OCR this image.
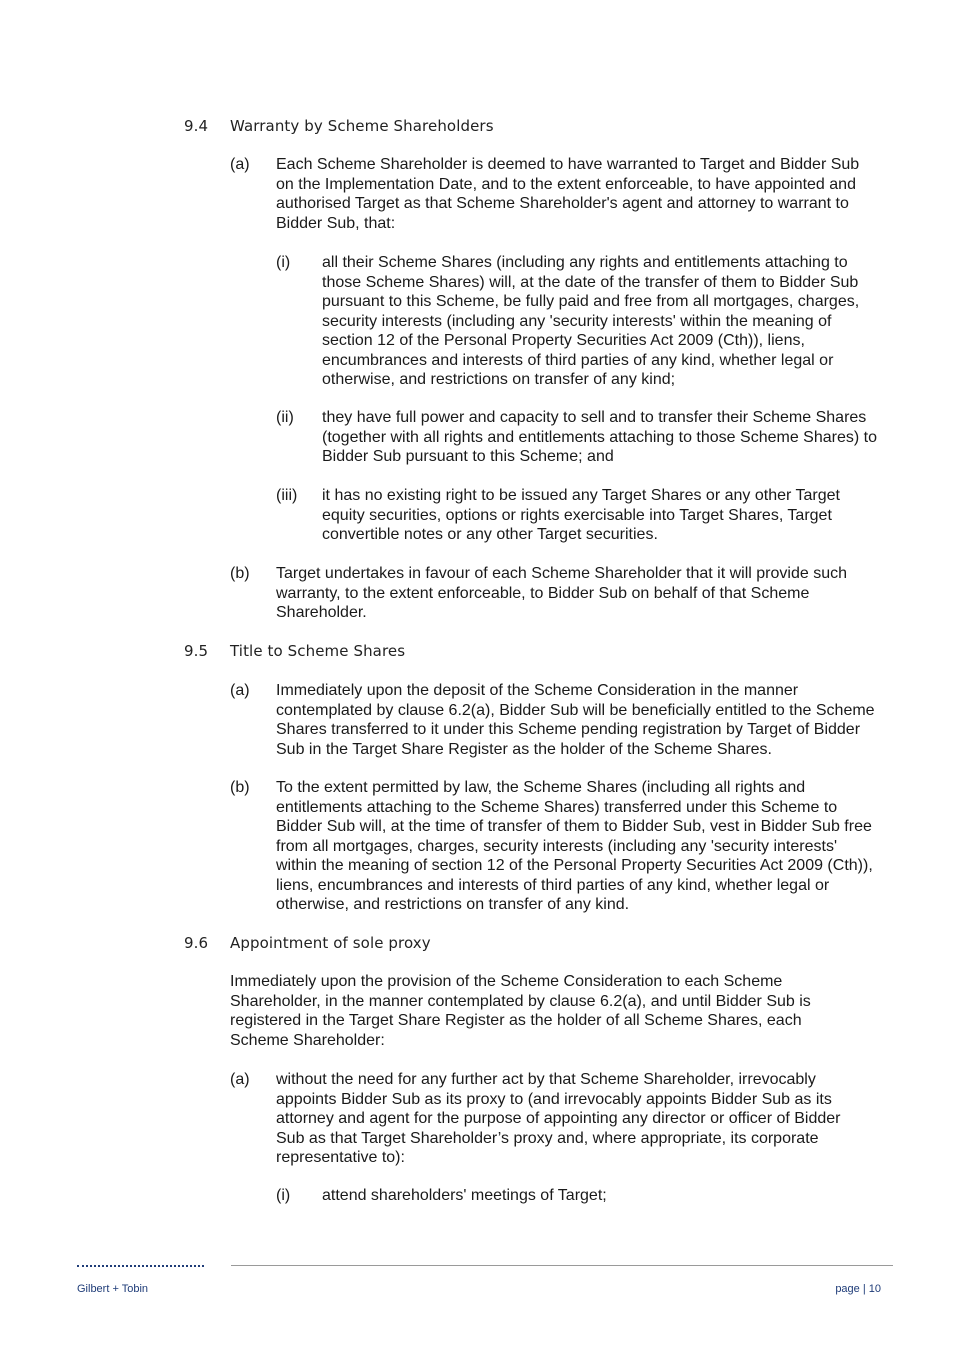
9.4 Warranty by Scheme Shareholders
(a) Each Scheme Shareholder is deemed to have warranted to Target and Bidder Sub on the Implementation Date, and to the extent enforceable, to have appointed and authorised Target as that Scheme Shareholder's agent and attorney to warrant to Bidder Sub, that:
(i) all their Scheme Shares (including any rights and entitlements attaching to those Scheme Shares) will, at the date of the transfer of them to Bidder Sub pursuant to this Scheme, be fully paid and free from all mortgages, charges, security interests (including any 'security interests' within the meaning of section 12 of the Personal Property Securities Act 2009 (Cth)), liens, encumbrances and interests of third parties of any kind, whether legal or otherwise, and restrictions on transfer of any kind;
(ii) they have full power and capacity to sell and to transfer their Scheme Shares (together with all rights and entitlements attaching to those Scheme Shares) to Bidder Sub pursuant to this Scheme; and
(iii) it has no existing right to be issued any Target Shares or any other Target equity securities, options or rights exercisable into Target Shares, Target convertible notes or any other Target securities.
(b) Target undertakes in favour of each Scheme Shareholder that it will provide such warranty, to the extent enforceable, to Bidder Sub on behalf of that Scheme Shareholder.
9.5 Title to Scheme Shares
(a) Immediately upon the deposit of the Scheme Consideration in the manner contemplated by clause 6.2(a), Bidder Sub will be beneficially entitled to the Scheme Shares transferred to it under this Scheme pending registration by Target of Bidder Sub in the Target Share Register as the holder of the Scheme Shares.
(b) To the extent permitted by law, the Scheme Shares (including all rights and entitlements attaching to the Scheme Shares) transferred under this Scheme to Bidder Sub will, at the time of transfer of them to Bidder Sub, vest in Bidder Sub free from all mortgages, charges, security interests (including any 'security interests' within the meaning of section 12 of the Personal Property Securities Act 2009 (Cth)), liens, encumbrances and interests of third parties of any kind, whether legal or otherwise, and restrictions on transfer of any kind.
9.6 Appointment of sole proxy
Immediately upon the provision of the Scheme Consideration to each Scheme Shareholder, in the manner contemplated by clause 6.2(a), and until Bidder Sub is registered in the Target Share Register as the holder of all Scheme Shares, each Scheme Shareholder:
(a) without the need for any further act by that Scheme Shareholder, irrevocably appoints Bidder Sub as its proxy to (and irrevocably appoints Bidder Sub as its attorney and agent for the purpose of appointing any director or officer of Bidder Sub as that Target Shareholder’s proxy and, where appropriate, its corporate representative to):
(i) attend shareholders' meetings of Target;
Gilbert + Tobin	page | 10
